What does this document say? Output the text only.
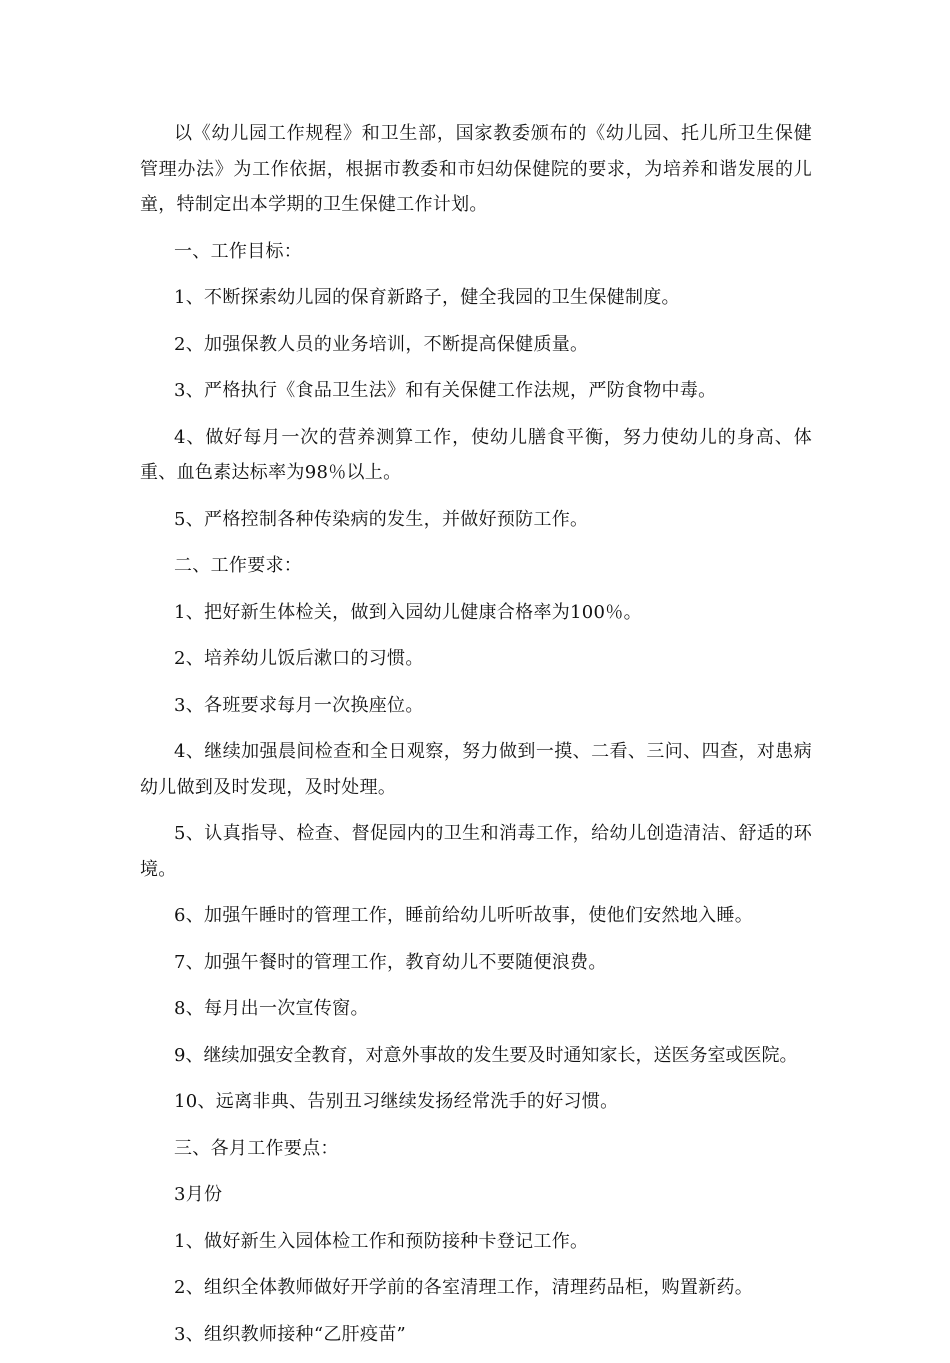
以《幼儿园工作规程》和卫生部，国家教委颁布的《幼儿园、托儿所卫生保健管理办法》为工作依据，根据市教委和市妇幼保健院的要求，为培养和谐发展的儿童，特制定出本学期的卫生保健工作计划。

一、工作目标：

1、不断探索幼儿园的保育新路子，健全我园的卫生保健制度。

2、加强保教人员的业务培训，不断提高保健质量。

3、严格执行《食品卫生法》和有关保健工作法规，严防食物中毒。

4、做好每月一次的营养测算工作，使幼儿膳食平衡，努力使幼儿的身高、体重、血色素达标率为98％以上。

5、严格控制各种传染病的发生，并做好预防工作。

二、工作要求：

1、把好新生体检关，做到入园幼儿健康合格率为100％。

2、培养幼儿饭后漱口的习惯。

3、各班要求每月一次换座位。

4、继续加强晨间检查和全日观察，努力做到一摸、二看、三问、四查，对患病幼儿做到及时发现，及时处理。

5、认真指导、检查、督促园内的卫生和消毒工作，给幼儿创造清洁、舒适的环境。

6、加强午睡时的管理工作，睡前给幼儿听听故事，使他们安然地入睡。

7、加强午餐时的管理工作，教育幼儿不要随便浪费。

8、每月出一次宣传窗。

9、继续加强安全教育，对意外事故的发生要及时通知家长，送医务室或医院。

10、远离非典、告别丑习继续发扬经常洗手的好习惯。

三、各月工作要点：

3月份

1、做好新生入园体检工作和预防接种卡登记工作。

2、组织全体教师做好开学前的各室清理工作，清理药品柜，购置新药。

3、组织教师接种“乙肝疫苗”
